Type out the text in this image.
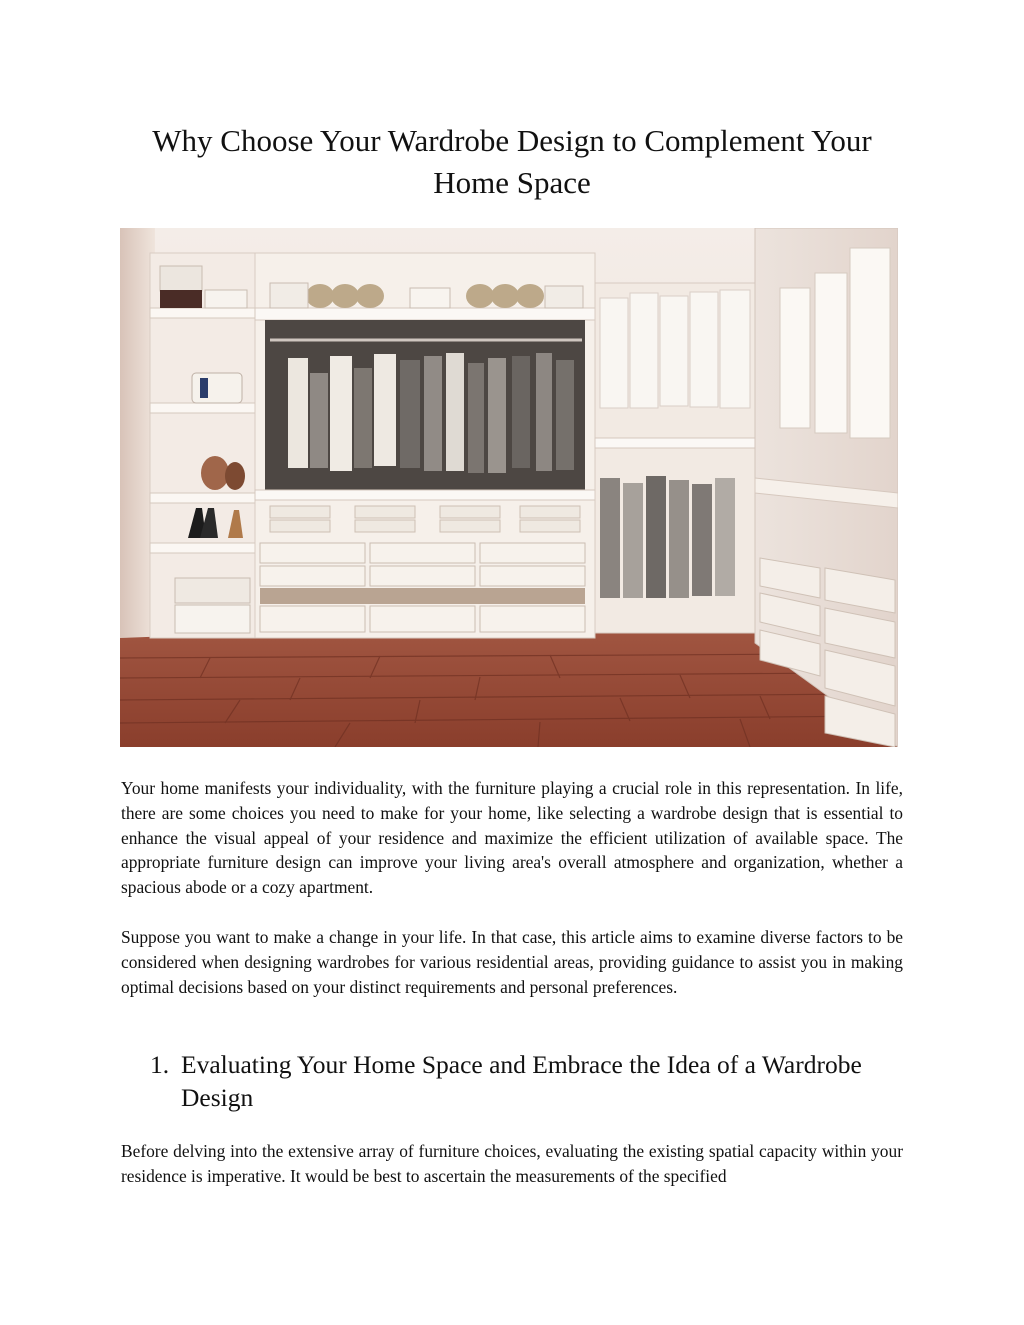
Why Choose Your Wardrobe Design to Complement Your Home Space

Your home manifests your individuality, with the furniture playing a crucial role in this representation. In life, there are some choices you need to make for your home, like selecting a wardrobe design that is essential to enhance the visual appeal of your residence and maximize the efficient utilization of available space. The appropriate furniture design can improve your living area's overall atmosphere and organization, whether a spacious abode or a cozy apartment.

Suppose you want to make a change in your life. In that case, this article aims to examine diverse factors to be considered when designing wardrobes for various residential areas, providing guidance to assist you in making optimal decisions based on your distinct requirements and personal preferences.

1. Evaluating Your Home Space and Embrace the Idea of a Wardrobe Design

Before delving into the extensive array of furniture choices, evaluating the existing spatial capacity within your residence is imperative. It would be best to ascertain the measurements of the specified
